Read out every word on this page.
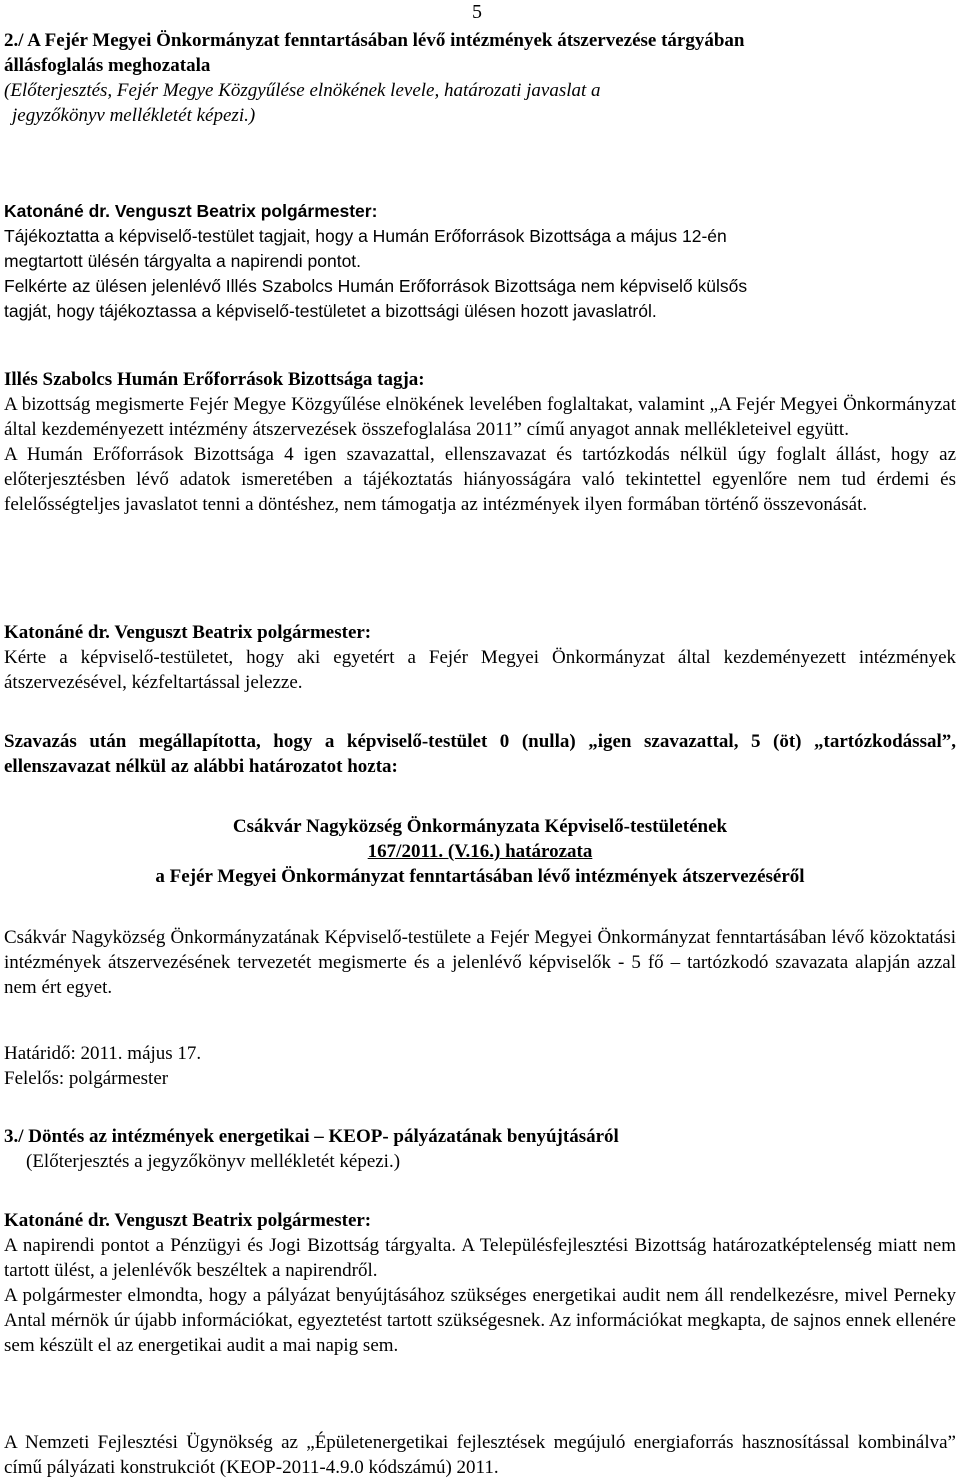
5

2./ A Fejér Megyei Önkormányzat fenntartásában lévő intézmények átszervezése tárgyában

állásfoglalás meghozatala

(Előterjesztés, Fejér Megye Közgyűlése elnökének levele, határozati javaslat a

jegyzőkönyv mellékletét képezi.)

Katonáné dr. Venguszt Beatrix polgármester:

Tájékoztatta a képviselő-testület tagjait, hogy a Humán Erőforrások Bizottsága a május 12-én

megtartott ülésén tárgyalta a napirendi pontot.

Felkérte az ülésen jelenlévő Illés Szabolcs Humán Erőforrások Bizottsága nem képviselő külsős

tagját, hogy tájékoztassa a képviselő-testületet a bizottsági ülésen hozott javaslatról.

Illés Szabolcs Humán Erőforrások Bizottsága tagja:

A bizottság megismerte Fejér Megye Közgyűlése elnökének levelében foglaltakat, valamint „A Fejér Megyei Önkormányzat által kezdeményezett intézmény átszervezések összefoglalása 2011” című anyagot annak mellékleteivel együtt.

A Humán Erőforrások Bizottsága 4 igen szavazattal, ellenszavazat és tartózkodás nélkül úgy foglalt állást, hogy az előterjesztésben lévő adatok ismeretében a tájékoztatás hiányosságára való tekintettel egyenlőre nem tud érdemi és felelősségteljes javaslatot tenni a döntéshez, nem támogatja az intézmények ilyen formában történő összevonását.

Katonáné dr. Venguszt Beatrix polgármester:

Kérte a képviselő-testületet, hogy aki egyetért a Fejér Megyei Önkormányzat által kezdeményezett intézmények átszervezésével, kézfeltartással jelezze.

Szavazás után megállapította, hogy a képviselő-testület 0 (nulla) „igen szavazattal, 5 (öt) „tartózkodással”, ellenszavazat nélkül az alábbi határozatot hozta:

Csákvár Nagyközség Önkormányzata Képviselő-testületének

167/2011. (V.16.) határozata

a Fejér Megyei Önkormányzat fenntartásában lévő intézmények átszervezéséről

Csákvár Nagyközség Önkormányzatának Képviselő-testülete a Fejér Megyei Önkormányzat fenntartásában lévő közoktatási intézmények átszervezésének tervezetét megismerte és a jelenlévő képviselők - 5 fő – tartózkodó szavazata alapján azzal nem ért egyet.

Határidő: 2011. május 17.

Felelős: polgármester

3./ Döntés az intézmények energetikai – KEOP- pályázatának benyújtásáról

(Előterjesztés a jegyzőkönyv mellékletét képezi.)

Katonáné dr. Venguszt Beatrix polgármester:

A napirendi pontot a Pénzügyi és Jogi Bizottság tárgyalta. A Településfejlesztési Bizottság határozatképtelenség miatt nem tartott ülést, a jelenlévők beszéltek a napirendről.

A polgármester elmondta, hogy a pályázat benyújtásához szükséges energetikai audit nem áll rendelkezésre, mivel Perneky Antal mérnök úr újabb információkat, egyeztetést tartott szükségesnek. Az információkat megkapta, de sajnos ennek ellenére sem készült el az energetikai audit a mai napig sem.

A Nemzeti Fejlesztési Ügynökség az „Épületenergetikai fejlesztések megújuló energiaforrás hasznosítással kombinálva” című pályázati konstrukciót (KEOP-2011-4.9.0 kódszámú) 2011.
